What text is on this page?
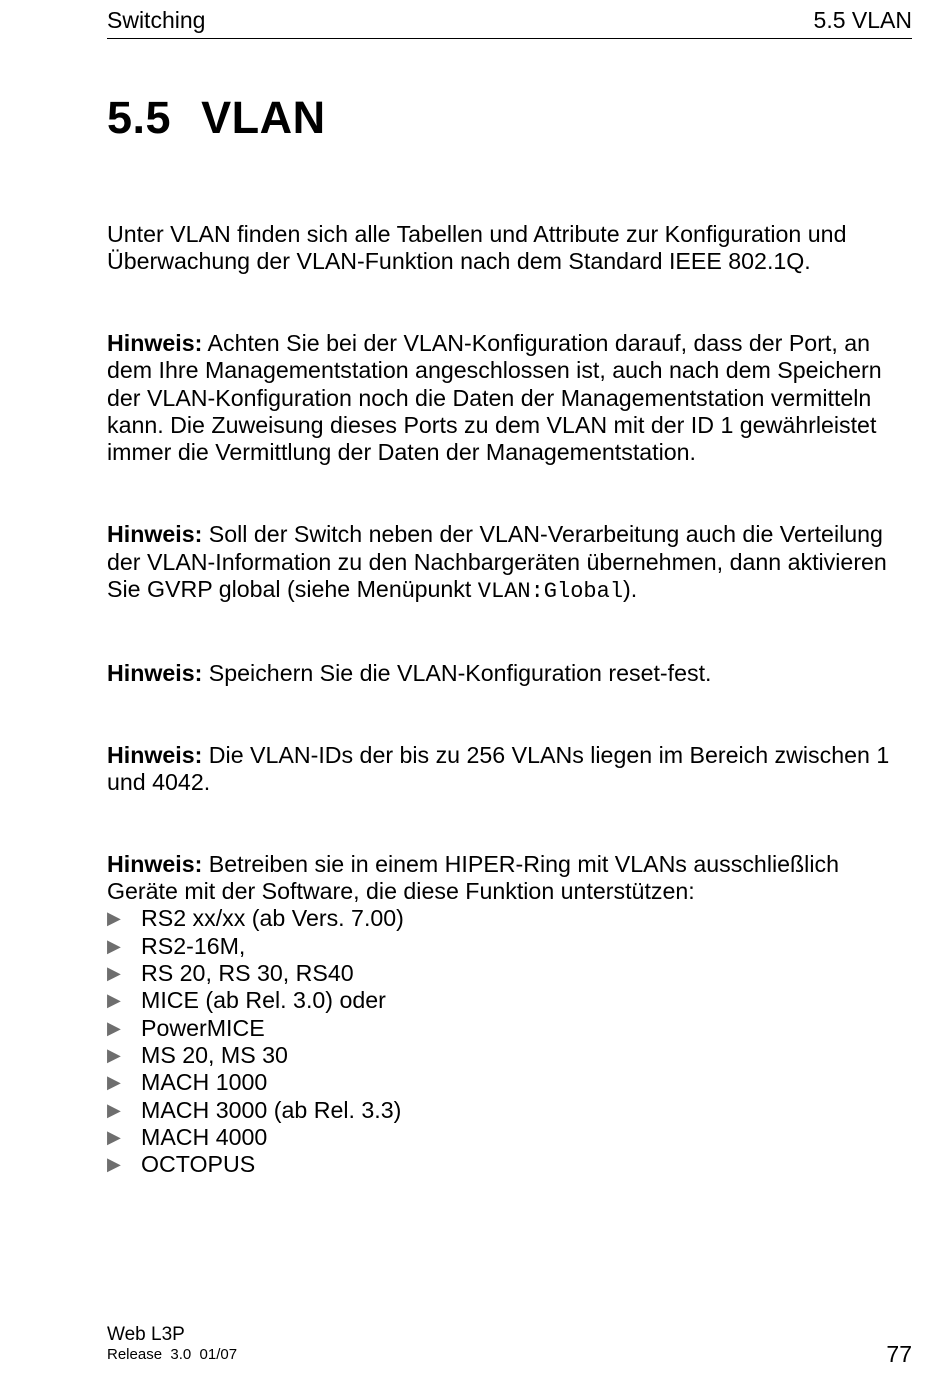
Switching	5.5 VLAN
5.5 VLAN

Unter VLAN finden sich alle Tabellen und Attribute zur Konfiguration und Überwachung der VLAN-Funktion nach dem Standard IEEE 802.1Q.

Hinweis: Achten Sie bei der VLAN-Konfiguration darauf, dass der Port, an dem Ihre Managementstation angeschlossen ist, auch nach dem Speichern der VLAN-Konfiguration noch die Daten der Managementstation vermitteln kann. Die Zuweisung dieses Ports zu dem VLAN mit der ID 1 gewährleistet immer die Vermittlung der Daten der Managementstation.

Hinweis: Soll der Switch neben der VLAN-Verarbeitung auch die Verteilung der VLAN-Information zu den Nachbargeräten übernehmen, dann aktivieren Sie GVRP global (siehe Menüpunkt VLAN:Global).

Hinweis: Speichern Sie die VLAN-Konfiguration reset-fest.

Hinweis: Die VLAN-IDs der bis zu 256 VLANs liegen im Bereich zwischen 1 und 4042.

Hinweis: Betreiben sie in einem HIPER-Ring mit VLANs ausschließlich Geräte mit der Software, die diese Funktion unterstützen:

▶ RS2 xx/xx (ab Vers. 7.00)
▶ RS2-16M,
▶ RS 20, RS 30, RS40
▶ MICE (ab Rel. 3.0) oder
▶ PowerMICE
▶ MS 20, MS 30
▶ MACH 1000
▶ MACH 3000 (ab Rel. 3.3)
▶ MACH 4000
▶ OCTOPUS
Web L3P
Release  3.0  01/07	77
